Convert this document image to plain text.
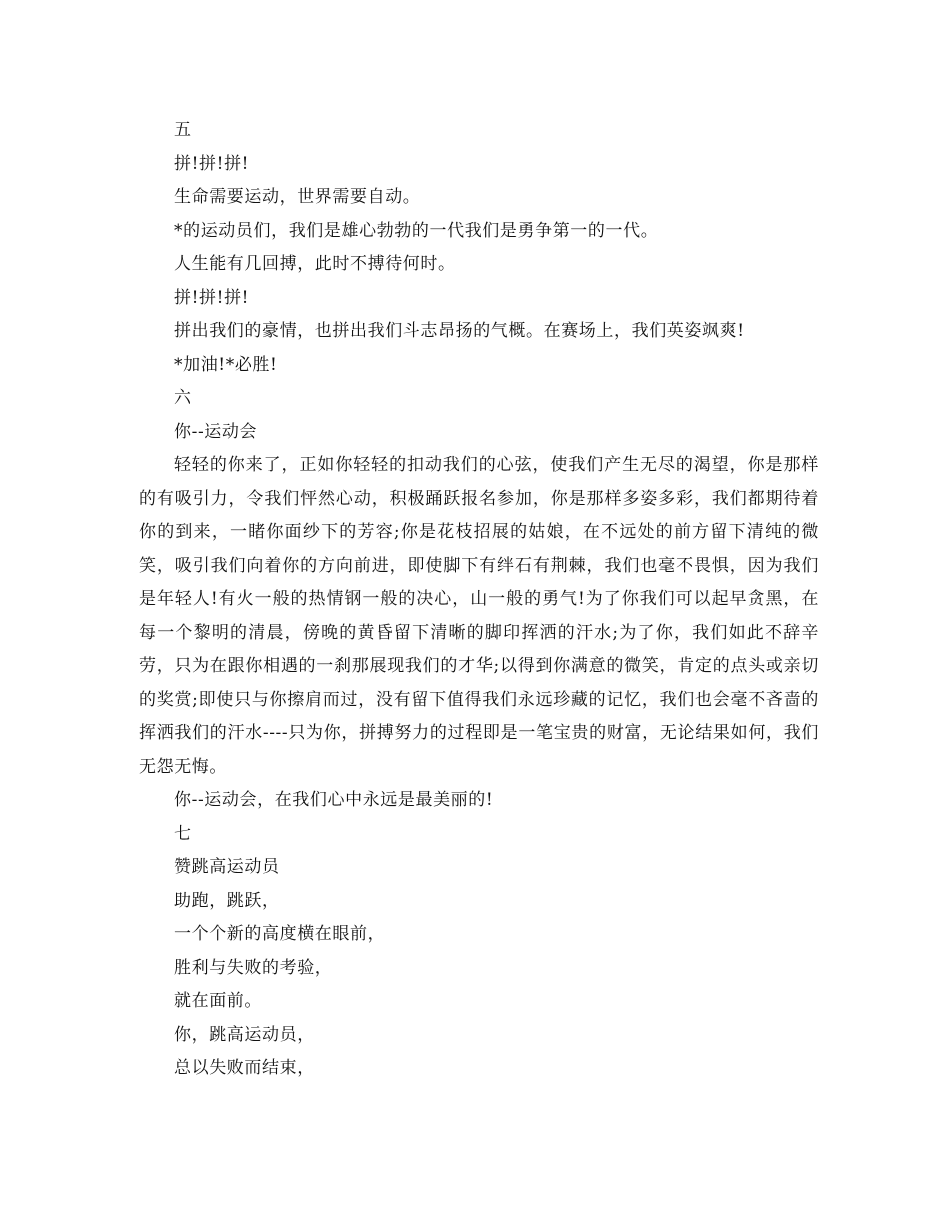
五
拼!拼!拼!
生命需要运动，世界需要自动。
*的运动员们，我们是雄心勃勃的一代我们是勇争第一的一代。
人生能有几回搏，此时不搏待何时。
拼!拼!拼!
拼出我们的豪情，也拼出我们斗志昂扬的气概。在赛场上，我们英姿飒爽!
*加油!*必胜!
六
你--运动会

轻轻的你来了，正如你轻轻的扣动我们的心弦，使我们产生无尽的渴望，你是那样的有吸引力，令我们怦然心动，积极踊跃报名参加，你是那样多姿多彩，我们都期待着你的到来，一睹你面纱下的芳容;你是花枝招展的姑娘，在不远处的前方留下清纯的微笑，吸引我们向着你的方向前进，即使脚下有绊石有荆棘，我们也毫不畏惧，因为我们是年轻人!有火一般的热情钢一般的决心，山一般的勇气!为了你我们可以起早贪黑，在每一个黎明的清晨，傍晚的黄昏留下清晰的脚印挥洒的汗水;为了你，我们如此不辞辛劳，只为在跟你相遇的一刹那展现我们的才华;以得到你满意的微笑，肯定的点头或亲切的奖赏;即使只与你擦肩而过，没有留下值得我们永远珍藏的记忆，我们也会毫不吝啬的挥洒我们的汗水----只为你，拼搏努力的过程即是一笔宝贵的财富，无论结果如何，我们无怨无悔。

你--运动会，在我们心中永远是最美丽的!
七
赞跳高运动员
助跑，跳跃，
一个个新的高度横在眼前，
胜利与失败的考验，
就在面前。
你，跳高运动员，
总以失败而结束，
